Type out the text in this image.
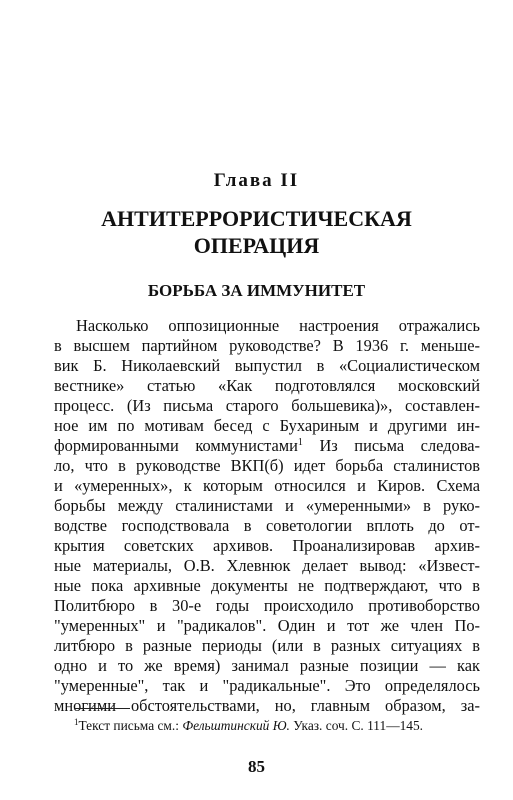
Глава II
АНТИТЕРРОРИСТИЧЕСКАЯ
ОПЕРАЦИЯ
БОРЬБА ЗА ИММУНИТЕТ
Насколько оппозиционные настроения отражались
в высшем партийном руководстве? В 1936 г. меньше-
вик Б. Николаевский выпустил в «Социалистическом
вестнике» статью «Как подготовлялся московский
процесс. (Из письма старого большевика)», составлен-
ное им по мотивам бесед с Бухариным и другими ин-
формированными коммунистами$^1$ Из письма следова-
ло, что в руководстве ВКП(б) идет борьба сталинистов
и «умеренных», к которым относился и Киров. Схема
борьбы между сталинистами и «умеренными» в руко-
водстве господствовала в советологии вплоть до от-
крытия советских архивов. Проанализировав архив-
ные материалы, О.В. Хлевнюк делает вывод: «Извест-
ные пока архивные документы не подтверждают, что в
Политбюро в 30-е годы происходило противоборство
"умеренных" и "радикалов". Один и тот же член По-
литбюро в разные периоды (или в разных ситуациях в
одно и то же время) занимал разные позиции — как
"умеренные", так и "радикальные". Это определялось
многими обстоятельствами, но, главным образом, за-
$^1$Текст письма см.: Фельштинский Ю. Указ. соч. С. 111—145.
85
